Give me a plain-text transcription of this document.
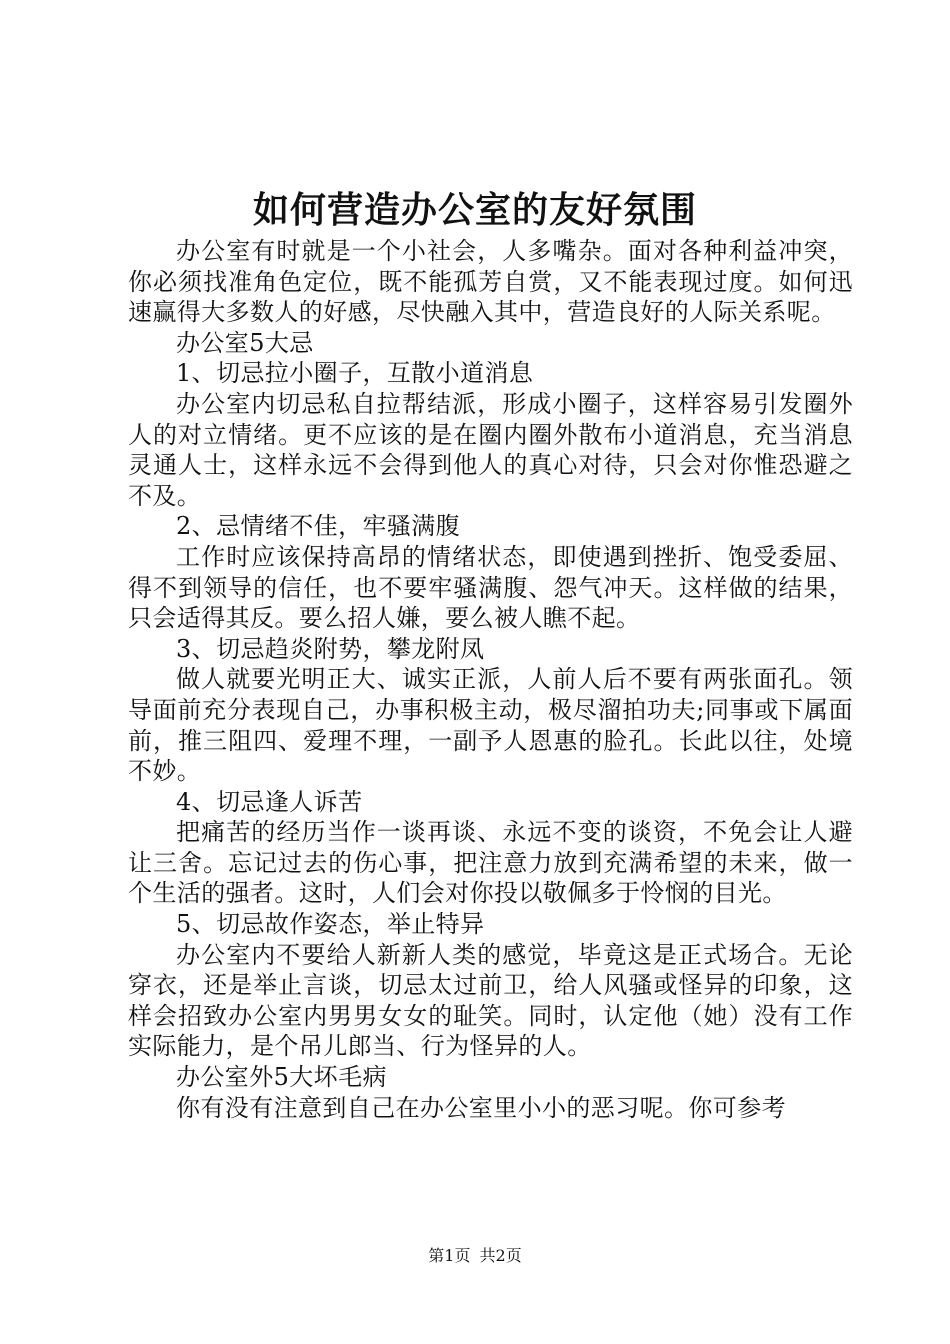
如何营造办公室的友好氛围

办公室有时就是一个小社会，人多嘴杂。面对各种利益冲突，你必须找准角色定位，既不能孤芳自赏，又不能表现过度。如何迅速赢得大多数人的好感，尽快融入其中，营造良好的人际关系呢。

办公室5大忌

1、切忌拉小圈子，互散小道消息

办公室内切忌私自拉帮结派，形成小圈子，这样容易引发圈外人的对立情绪。更不应该的是在圈内圈外散布小道消息，充当消息灵通人士，这样永远不会得到他人的真心对待，只会对你惟恐避之不及。

2、忌情绪不佳，牢骚满腹

工作时应该保持高昂的情绪状态，即使遇到挫折、饱受委屈、得不到领导的信任，也不要牢骚满腹、怨气冲天。这样做的结果，只会适得其反。要么招人嫌，要么被人瞧不起。

3、切忌趋炎附势，攀龙附凤

做人就要光明正大、诚实正派，人前人后不要有两张面孔。领导面前充分表现自己，办事积极主动，极尽溜拍功夫;同事或下属面前，推三阻四、爱理不理，一副予人恩惠的脸孔。长此以往，处境不妙。

4、切忌逢人诉苦

把痛苦的经历当作一谈再谈、永远不变的谈资，不免会让人避让三舍。忘记过去的伤心事，把注意力放到充满希望的未来，做一个生活的强者。这时，人们会对你投以敬佩多于怜悯的目光。

5、切忌故作姿态，举止特异

办公室内不要给人新新人类的感觉，毕竟这是正式场合。无论穿衣，还是举止言谈，切忌太过前卫，给人风骚或怪异的印象，这样会招致办公室内男男女女的耻笑。同时，认定他（她）没有工作实际能力，是个吊儿郎当、行为怪异的人。

办公室外5大坏毛病

你有没有注意到自己在办公室里小小的恶习呢。你可参考

第1页 共2页
